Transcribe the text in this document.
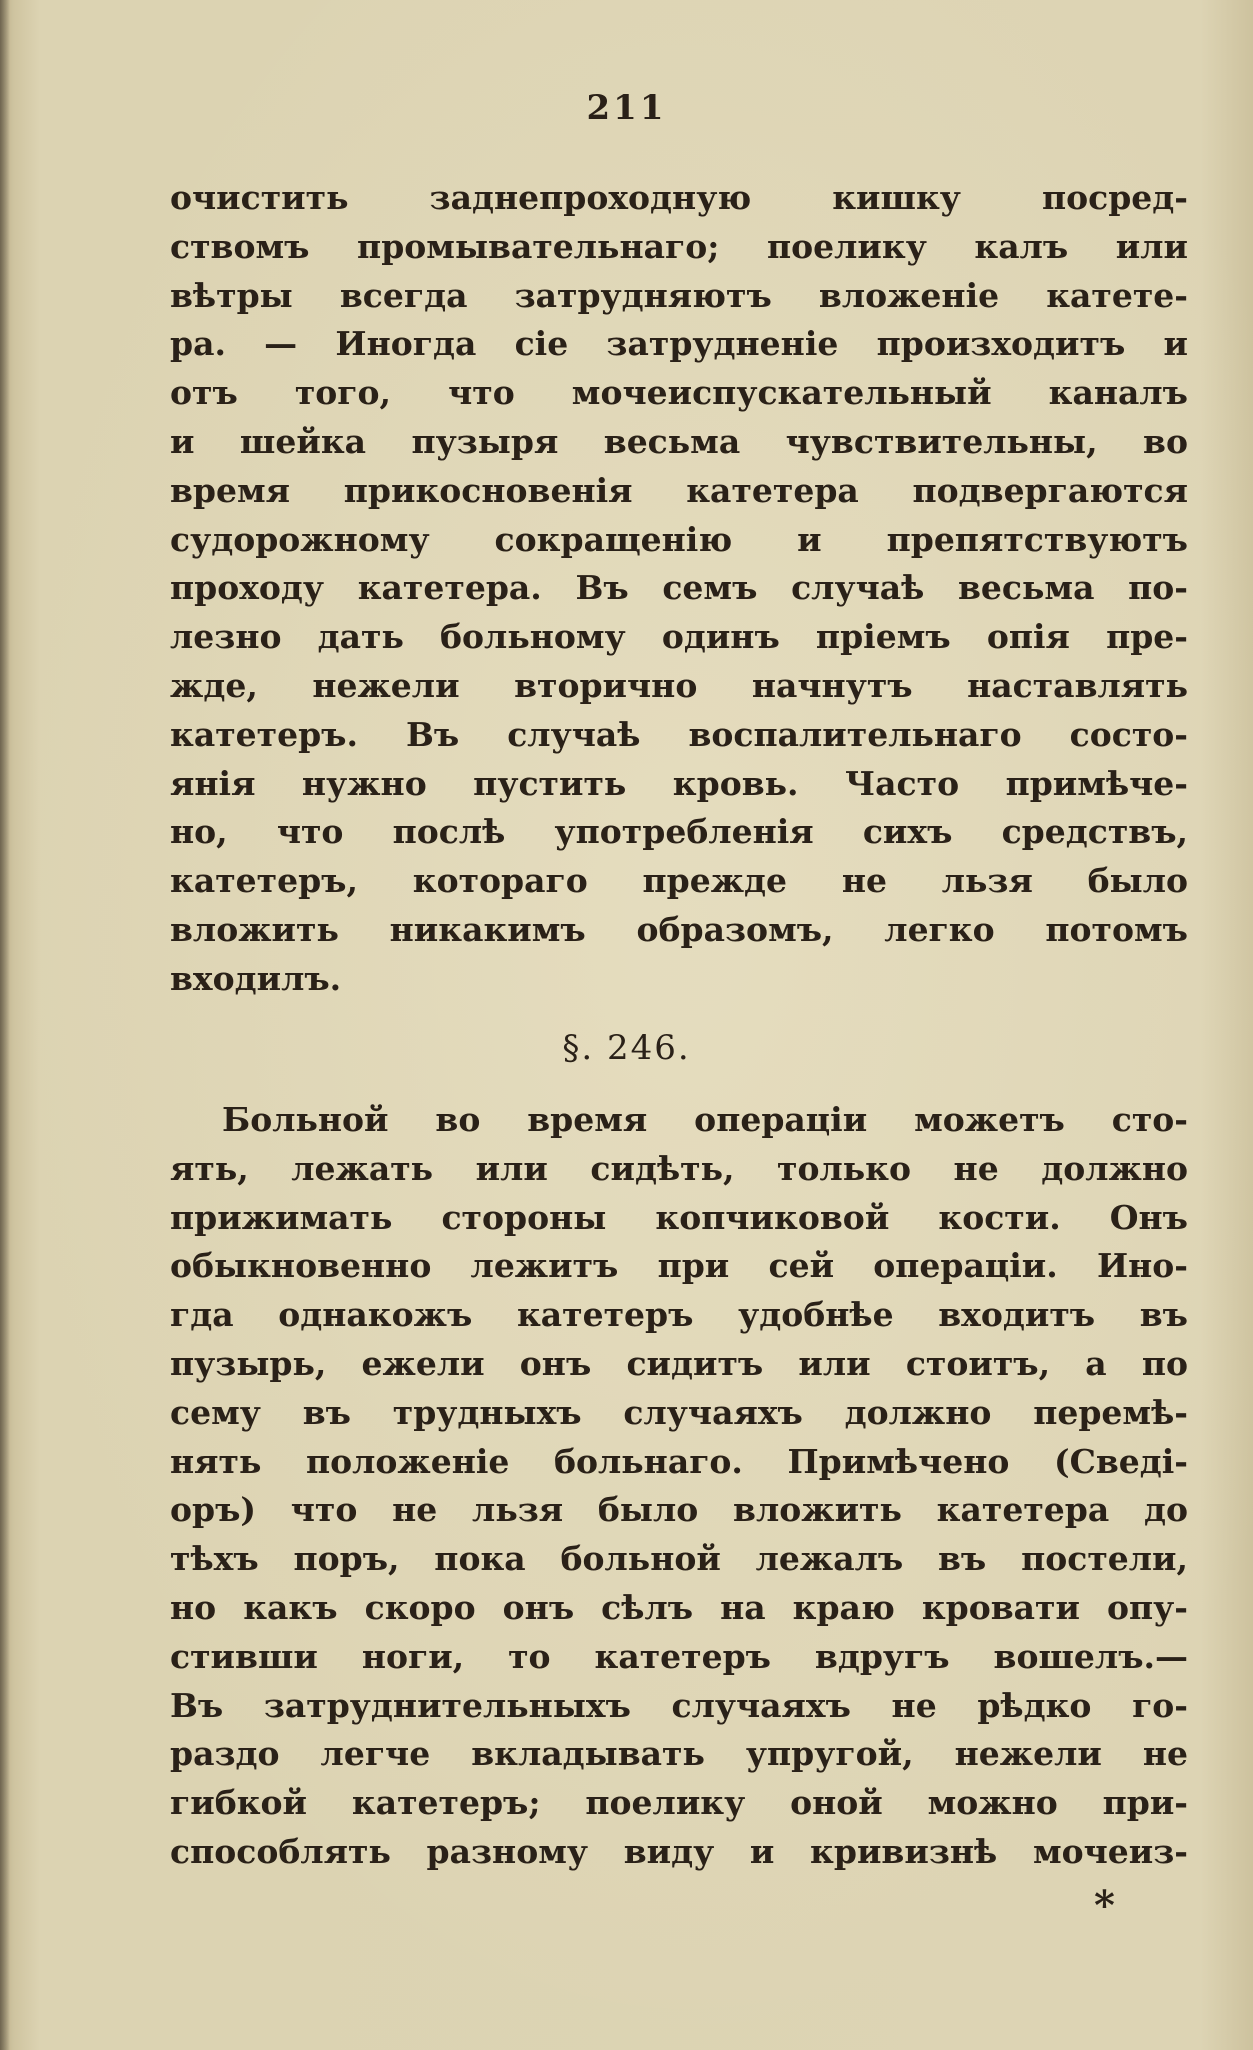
211
очистить заднепроходную кишку посред-
ствомъ промывательнаго; поелику калъ или
вѣтры всегда затрудняютъ вложеніе катете-
ра. — Иногда сіе затрудненіе произходитъ и
отъ того, что мочеиспускательный каналъ
и шейка пузыря весьма чувствительны, во
время прикосновенія катетера подвергаются
судорожному сокращенію и препятствуютъ
проходу катетера. Въ семъ случаѣ весьма по-
лезно дать больному одинъ пріемъ опія пре-
жде, нежели вторично начнутъ наставлять
катетеръ. Въ случаѣ воспалительнаго состо-
янія нужно пустить кровь. Часто примѣче-
но, что послѣ употребленія сихъ средствъ,
катетеръ, котораго прежде не льзя было
вложить никакимъ образомъ, легко потомъ
входилъ.
§. 246.
Больной во время операціи можетъ сто-
ять, лежать или сидѣть, только не должно
прижимать стороны копчиковой кости. Онъ
обыкновенно лежитъ при сей операціи. Ино-
гда однакожъ катетеръ удобнѣе входитъ въ
пузырь, ежели онъ сидитъ или стоитъ, а по
сему въ трудныхъ случаяхъ должно перемѣ-
нять положеніе больнаго. Примѣчено (Сведі-
оръ) что не льзя было вложить катетера до
тѣхъ поръ, пока больной лежалъ въ постели,
но какъ скоро онъ сѣлъ на краю кровати опу-
стивши ноги, то катетеръ вдругъ вошелъ.—
Въ затруднительныхъ случаяхъ не рѣдко го-
раздо легче вкладывать упругой, нежели не
гибкой катетеръ; поелику оной можно при-
способлять разному виду и кривизнѣ мочеиз-
*
